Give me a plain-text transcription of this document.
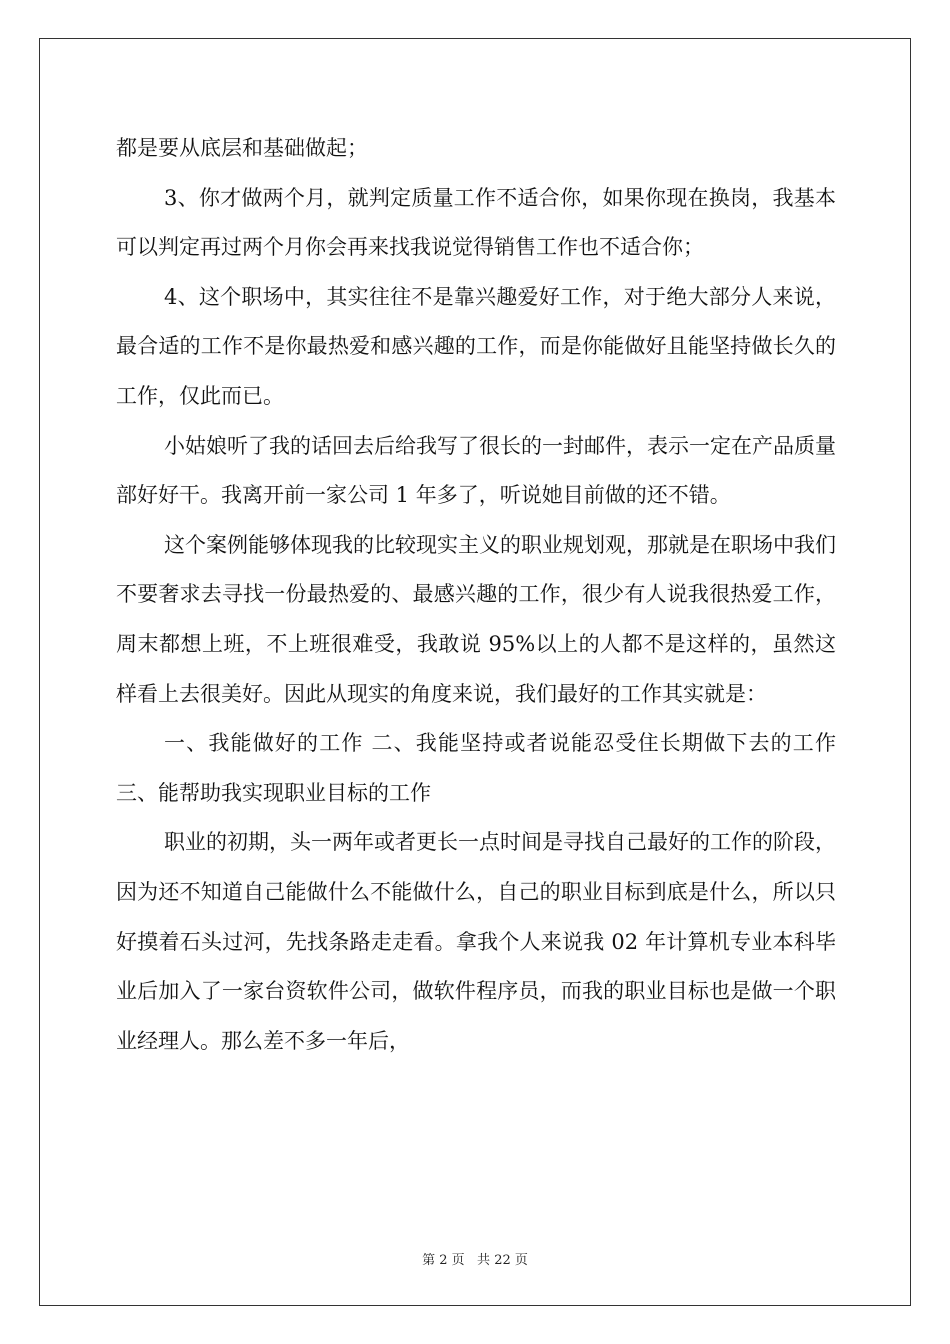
都是要从底层和基础做起；

3、你才做两个月，就判定质量工作不适合你，如果你现在换岗，我基本可以判定再过两个月你会再来找我说觉得销售工作也不适合你；

4、这个职场中，其实往往不是靠兴趣爱好工作，对于绝大部分人来说，最合适的工作不是你最热爱和感兴趣的工作，而是你能做好且能坚持做长久的工作，仅此而已。

小姑娘听了我的话回去后给我写了很长的一封邮件，表示一定在产品质量部好好干。我离开前一家公司 1 年多了，听说她目前做的还不错。

这个案例能够体现我的比较现实主义的职业规划观，那就是在职场中我们不要奢求去寻找一份最热爱的、最感兴趣的工作，很少有人说我很热爱工作，周末都想上班，不上班很难受，我敢说 95%以上的人都不是这样的，虽然这样看上去很美好。因此从现实的角度来说，我们最好的工作其实就是：

一、我能做好的工作 二、我能坚持或者说能忍受住长期做下去的工作 三、能帮助我实现职业目标的工作

职业的初期，头一两年或者更长一点时间是寻找自己最好的工作的阶段，因为还不知道自己能做什么不能做什么，自己的职业目标到底是什么，所以只好摸着石头过河，先找条路走走看。拿我个人来说我 02 年计算机专业本科毕业后加入了一家台资软件公司，做软件程序员，而我的职业目标也是做一个职业经理人。那么差不多一年后，

第 2 页   共 22 页
